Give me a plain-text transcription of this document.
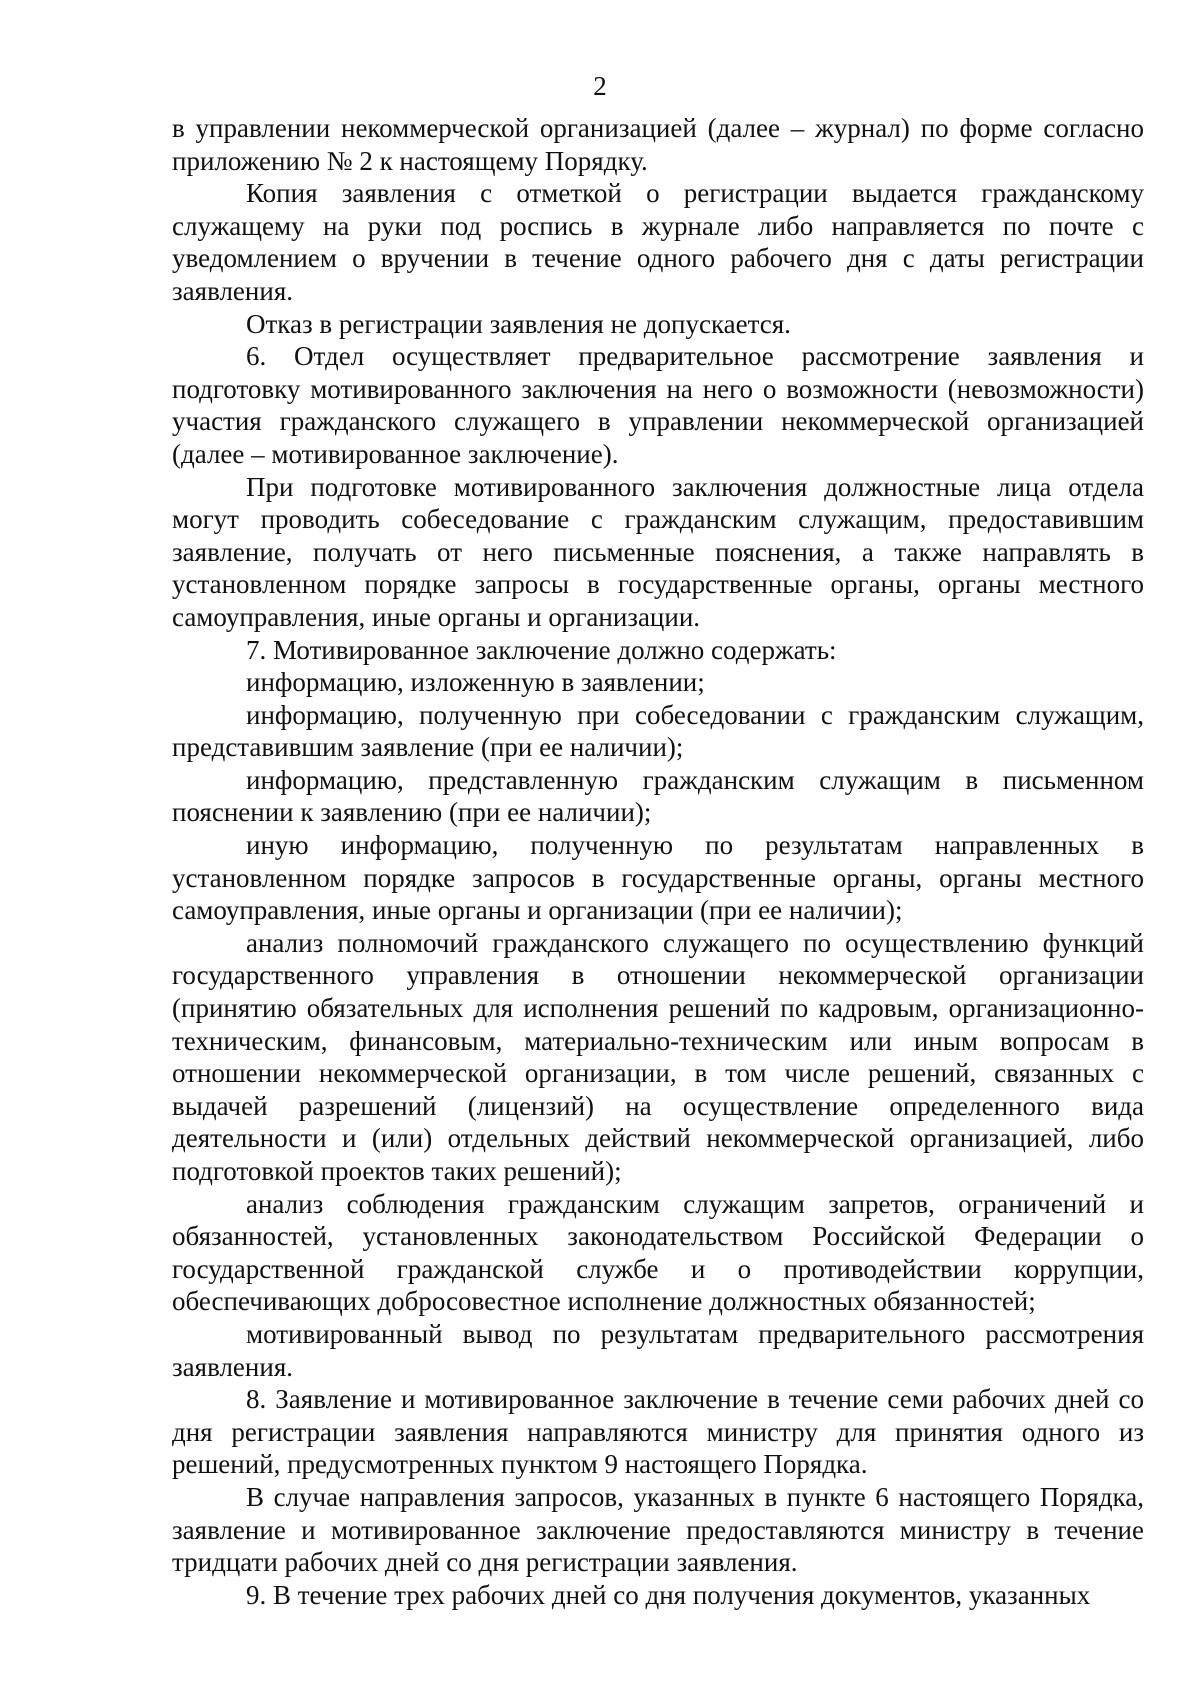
2

в управлении некоммерческой организацией (далее – журнал) по форме согласно приложению № 2 к настоящему Порядку.

Копия заявления с отметкой о регистрации выдается гражданскому служащему на руки под роспись в журнале либо направляется по почте с уведомлением о вручении в течение одного рабочего дня с даты регистрации заявления.

Отказ в регистрации заявления не допускается.

6. Отдел осуществляет предварительное рассмотрение заявления и подготовку мотивированного заключения на него о возможности (невозможности) участия гражданского служащего в управлении некоммерческой организацией (далее – мотивированное заключение).

При подготовке мотивированного заключения должностные лица отдела могут проводить собеседование с гражданским служащим, предоставившим заявление, получать от него письменные пояснения, а также направлять в установленном порядке запросы в государственные органы, органы местного самоуправления, иные органы и организации.

7. Мотивированное заключение должно содержать:

информацию, изложенную в заявлении;

информацию, полученную при собеседовании с гражданским служащим, представившим заявление (при ее наличии);

информацию, представленную гражданским служащим в письменном пояснении к заявлению (при ее наличии);

иную информацию, полученную по результатам направленных в установленном порядке запросов в государственные органы, органы местного самоуправления, иные органы и организации (при ее наличии);

анализ полномочий гражданского служащего по осуществлению функций государственного управления в отношении некоммерческой организации (принятию обязательных для исполнения решений по кадровым, организационно-техническим, финансовым, материально-техническим или иным вопросам в отношении некоммерческой организации, в том числе решений, связанных с выдачей разрешений (лицензий) на осуществление определенного вида деятельности и (или) отдельных действий некоммерческой организацией, либо подготовкой проектов таких решений);

анализ соблюдения гражданским служащим запретов, ограничений и обязанностей, установленных законодательством Российской Федерации о государственной гражданской службе и о противодействии коррупции, обеспечивающих добросовестное исполнение должностных обязанностей;

мотивированный вывод по результатам предварительного рассмотрения заявления.

8. Заявление и мотивированное заключение в течение семи рабочих дней со дня регистрации заявления направляются министру для принятия одного из решений, предусмотренных пунктом 9 настоящего Порядка.

В случае направления запросов, указанных в пункте 6 настоящего Порядка, заявление и мотивированное заключение предоставляются министру в течение тридцати рабочих дней со дня регистрации заявления.

9. В течение трех рабочих дней со дня получения документов, указанных
